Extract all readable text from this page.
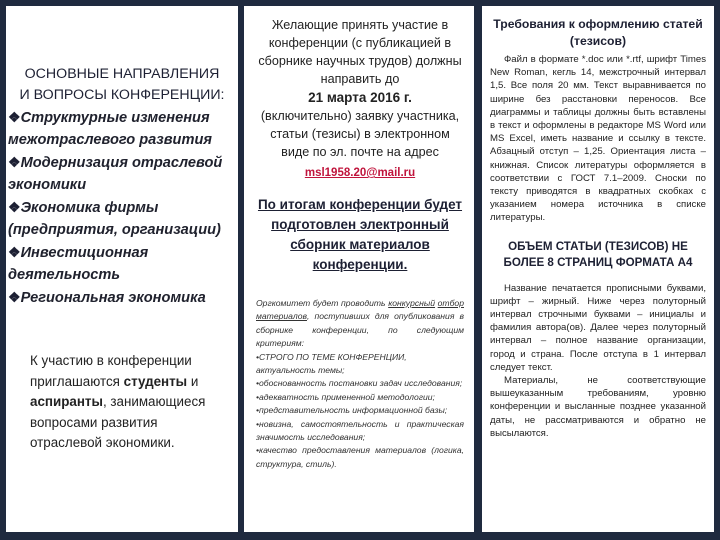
ОСНОВНЫЕ НАПРАВЛЕНИЯ
И ВОПРОСЫ КОНФЕРЕНЦИИ:
❖Структурные изменения межотраслевого развития
❖Модернизация отраслевой экономики
❖Экономика фирмы (предприятия, организации)
❖Инвестиционная деятельность
❖Региональная экономика
К участию в конференции приглашаются студенты и аспиранты, занимающиеся вопросами развития отраслевой экономики.
Желающие принять участие в конференции (с публикацией в сборнике научных трудов) должны направить до
21 марта 2016 г.
(включительно) заявку участника, статьи (тезисы) в электронном виде по эл. почте на адрес
msl1958.20@mail.ru
По итогам конференции будет подготовлен электронный сборник материалов конференции.
Оргкомитет будет проводить конкурсный отбор материалов, поступивших для опубликования в сборнике конференции, по следующим критериям:
•СТРОГО ПО ТЕМЕ КОНФЕРЕНЦИИ,
актуальность темы;
•обоснованность постановки задач исследования;
•адекватность примененной методологии;
•представительность информационной базы;
•новизна, самостоятельность и практическая значимость исследования;
•качество предоставления материалов (логика, структура, стиль).
Требования к оформлению статей (тезисов)

Файл в формате *.doc или *.rtf, шрифт Times New Roman, кегль 14, межстрочный интервал 1,5. Все поля 20 мм. Текст выравнивается по ширине без расстановки переносов. Все диаграммы и таблицы должны быть вставлены в текст и оформлены в редакторе MS Word или MS Excel, иметь название и ссылку в тексте. Абзацный отступ – 1,25. Ориентация листа – книжная. Список литературы оформляется в соответствии с ГОСТ 7.1–2009. Сноски по тексту приводятся в квадратных скобках с указанием номера источника в списке литературы.

ОБЪЕМ СТАТЬИ (ТЕЗИСОВ) НЕ БОЛЕЕ 8 СТРАНИЦ ФОРМАТА А4

Название печатается прописными буквами, шрифт – жирный. Ниже через полуторный интервал строчными буквами – инициалы и фамилия автора(ов). Далее через полуторный интервал – полное название организации, город и страна. После отступа в 1 интервал следует текст.

Материалы, не соответствующие вышеуказанным требованиям, уровню конференции и высланные позднее указанной даты, не рассматриваются и обратно не высылаются.
